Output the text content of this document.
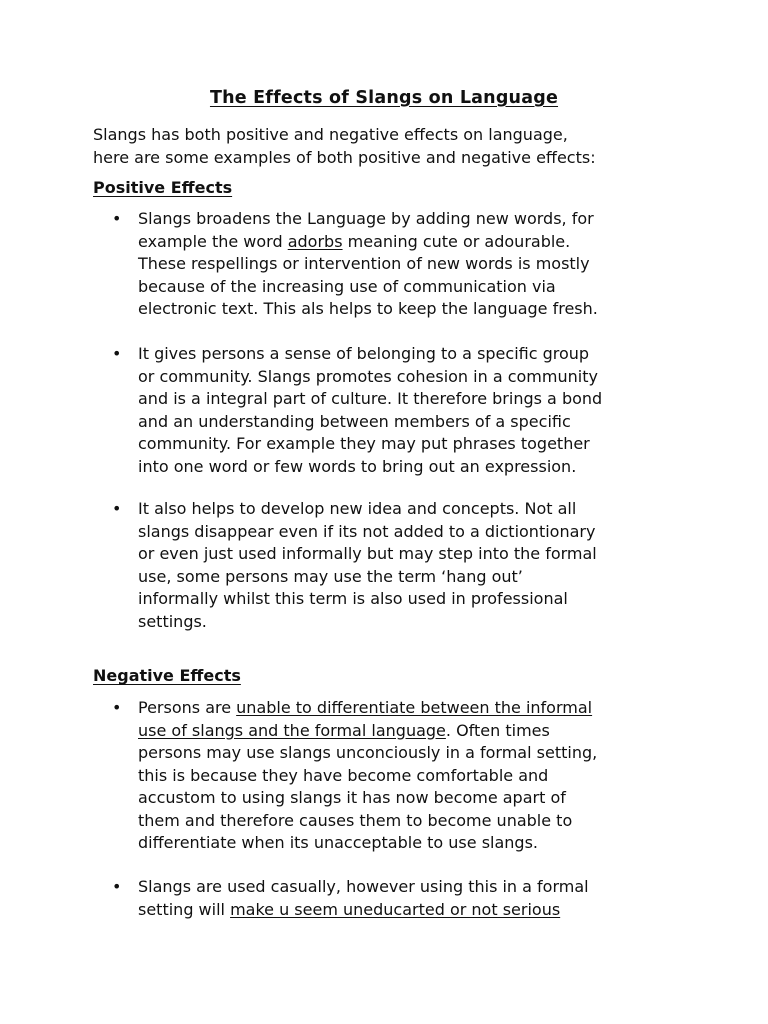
The Effects of Slangs on Language
Slangs has both positive and negative effects on language,
here are some examples of both positive and negative effects:
Positive Effects
• Slangs broadens the Language by adding new words, for
example the word adorbs meaning cute or adourable.
These respellings or intervention of new words is mostly
because of the increasing use of communication via
electronic text. This als helps to keep the language fresh.
• It gives persons a sense of belonging to a specific group
or community. Slangs promotes cohesion in a community
and is a integral part of culture. It therefore brings a bond
and an understanding between members of a specific
community. For example they may put phrases together
into one word or few words to bring out an expression.
• It also helps to develop new idea and concepts. Not all
slangs disappear even if its not added to a dictiontionary
or even just used informally but may step into the formal
use, some persons may use the term ‘hang out’
informally whilst this term is also used in professional
settings.
Negative Effects
• Persons are unable to differentiate between the informal
use of slangs and the formal language. Often times
persons may use slangs unconciously in a formal setting,
this is because they have become comfortable and
accustom to using slangs it has now become apart of
them and therefore causes them to become unable to
differentiate when its unacceptable to use slangs.
• Slangs are used casually, however using this in a formal
setting will make u seem uneducarted or not serious
